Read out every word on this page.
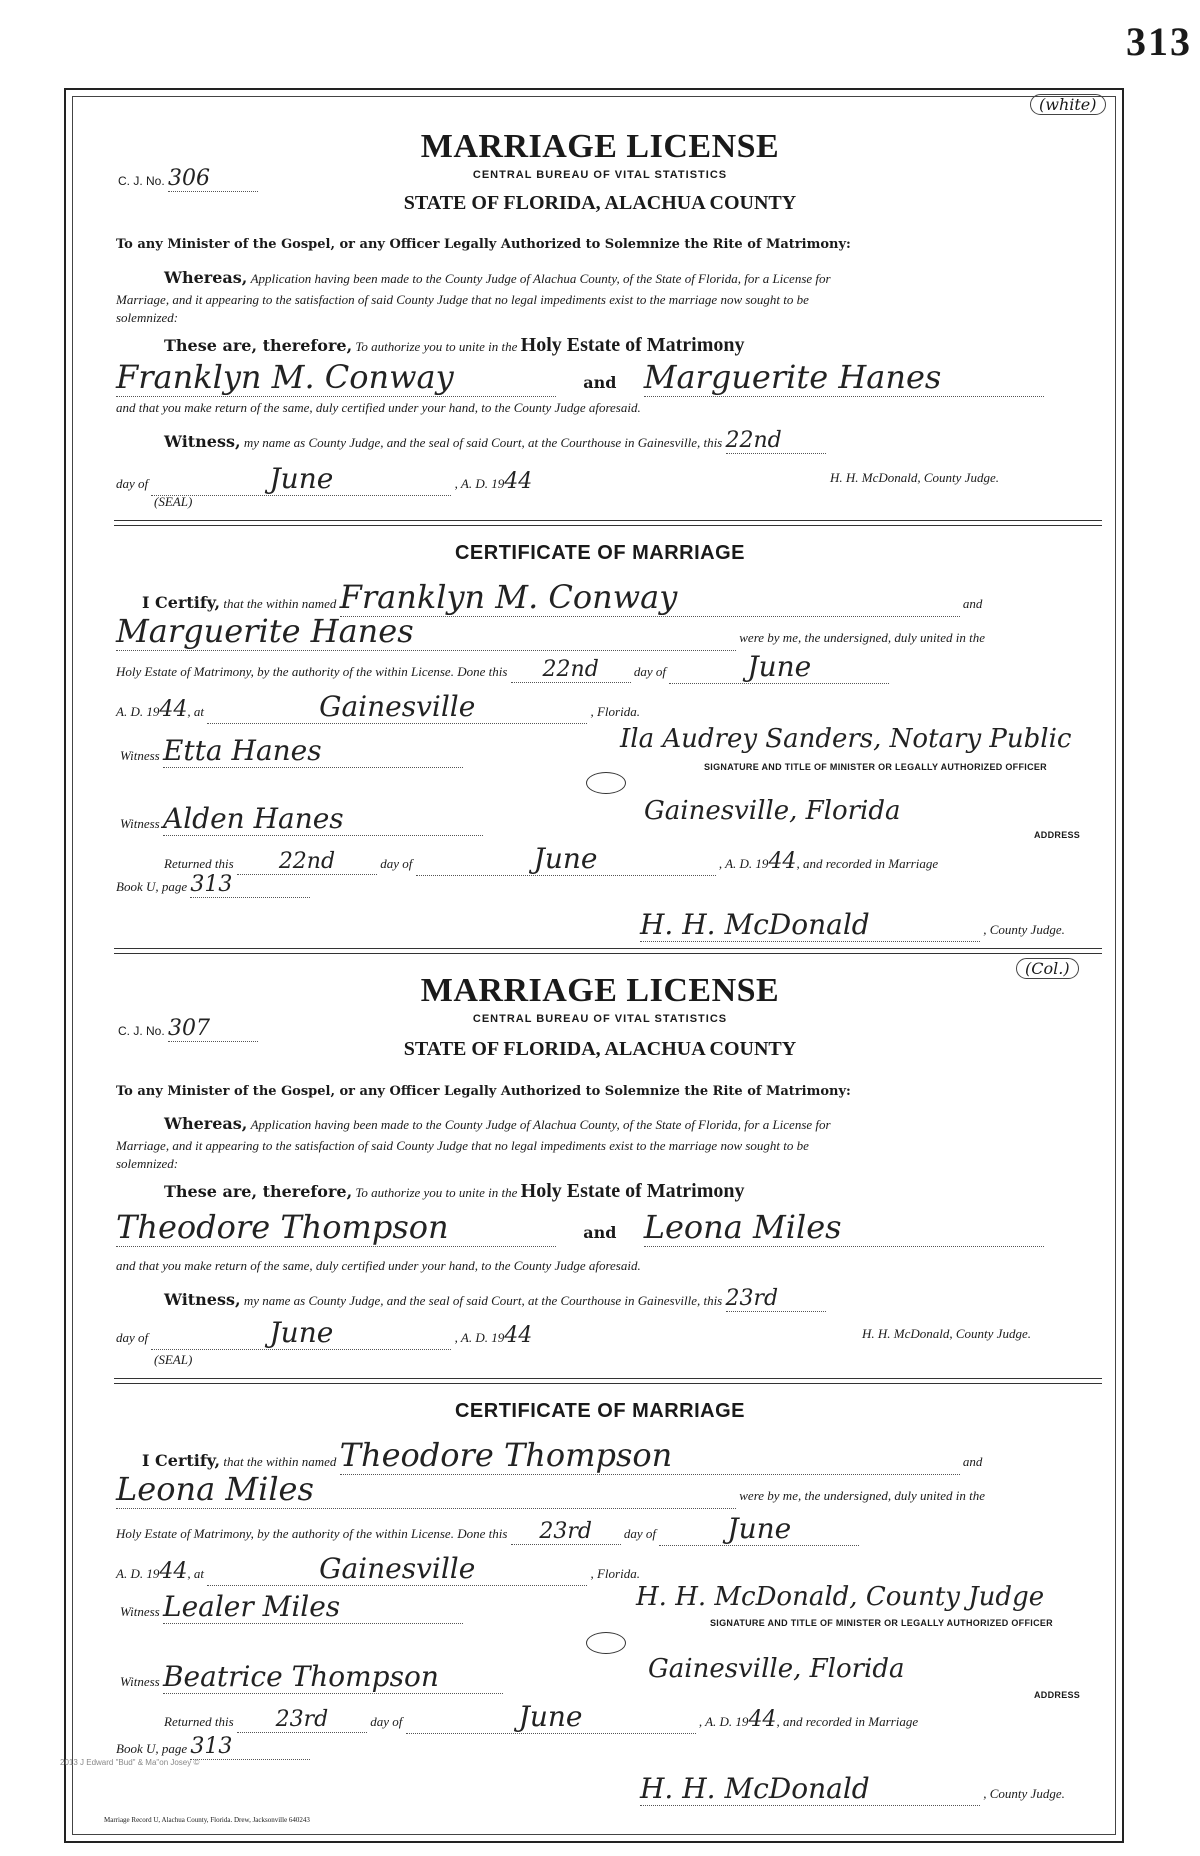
313
(white)
C. J. No. 306
MARRIAGE LICENSE
CENTRAL BUREAU OF VITAL STATISTICS
STATE OF FLORIDA, ALACHUA COUNTY
To any Minister of the Gospel, or any Officer Legally Authorized to Solemnize the Rite of Matrimony:
Whereas, Application having been made to the County Judge of Alachua County, of the State of Florida, for a License for
Marriage, and it appearing to the satisfaction of said County Judge that no legal impediments exist to the marriage now sought to be
solemnized:
These are, therefore, To authorize you to unite in the Holy Estate of Matrimony
Franklyn M. Conway	and Marguerite Hanes
and that you make return of the same, duly certified under your hand, to the County Judge aforesaid.
Witness, my name as County Judge, and the seal of said Court, at the Courthouse in Gainesville, this 22nd
day of	June	, A. D. 1944	H. H. McDonald, County Judge.
(SEAL)
CERTIFICATE OF MARRIAGE
I Certify, that the within named Franklyn M. Conway	and
Marguerite Hanes	were by me, the undersigned, duly united in the
Holy Estate of Matrimony, by the authority of the within License. Done this 22nd	day of	June
A. D. 1944, at	Gainesville	, Florida.
Witness Etta Hanes	Ila Audrey Sanders, Notary Public
SIGNATURE AND TITLE OF MINISTER OR LEGALLY AUTHORIZED OFFICER
Witness Alden Hanes	Gainesville, Florida
ADDRESS
Returned this 22nd	day of	June	, A. D. 1944, and recorded in Marriage
Book U, page 313
H. H. McDonald	, County Judge.
(Col.)
C. J. No. 307
MARRIAGE LICENSE
CENTRAL BUREAU OF VITAL STATISTICS
STATE OF FLORIDA, ALACHUA COUNTY
To any Minister of the Gospel, or any Officer Legally Authorized to Solemnize the Rite of Matrimony:
Whereas, Application having been made to the County Judge of Alachua County, of the State of Florida, for a License for
Marriage, and it appearing to the satisfaction of said County Judge that no legal impediments exist to the marriage now sought to be
solemnized:
These are, therefore, To authorize you to unite in the Holy Estate of Matrimony
Theodore Thompson	and Leona Miles
and that you make return of the same, duly certified under your hand, to the County Judge aforesaid.
Witness, my name as County Judge, and the seal of said Court, at the Courthouse in Gainesville, this 23rd
day of	June	, A. D. 1944	H. H. McDonald, County Judge.
(SEAL)
CERTIFICATE OF MARRIAGE
I Certify, that the within named Theodore Thompson	and
Leona Miles	were by me, the undersigned, duly united in the
Holy Estate of Matrimony, by the authority of the within License. Done this 23rd day of	June
A. D. 1944, at	Gainesville	, Florida.
Witness Lealer Miles	H. H. McDonald, County Judge
SIGNATURE AND TITLE OF MINISTER OR LEGALLY AUTHORIZED OFFICER
Witness Beatrice Thompson	Gainesville, Florida
ADDRESS
Returned this 23rd	day of	June	, A. D. 1944, and recorded in Marriage
Book U, page 313
2013 J Edward "Bud" & Ma"on Josey ©
H. H. McDonald	, County Judge.
Marriage Record U, Alachua County, Florida. Drew, Jacksonville 640243
